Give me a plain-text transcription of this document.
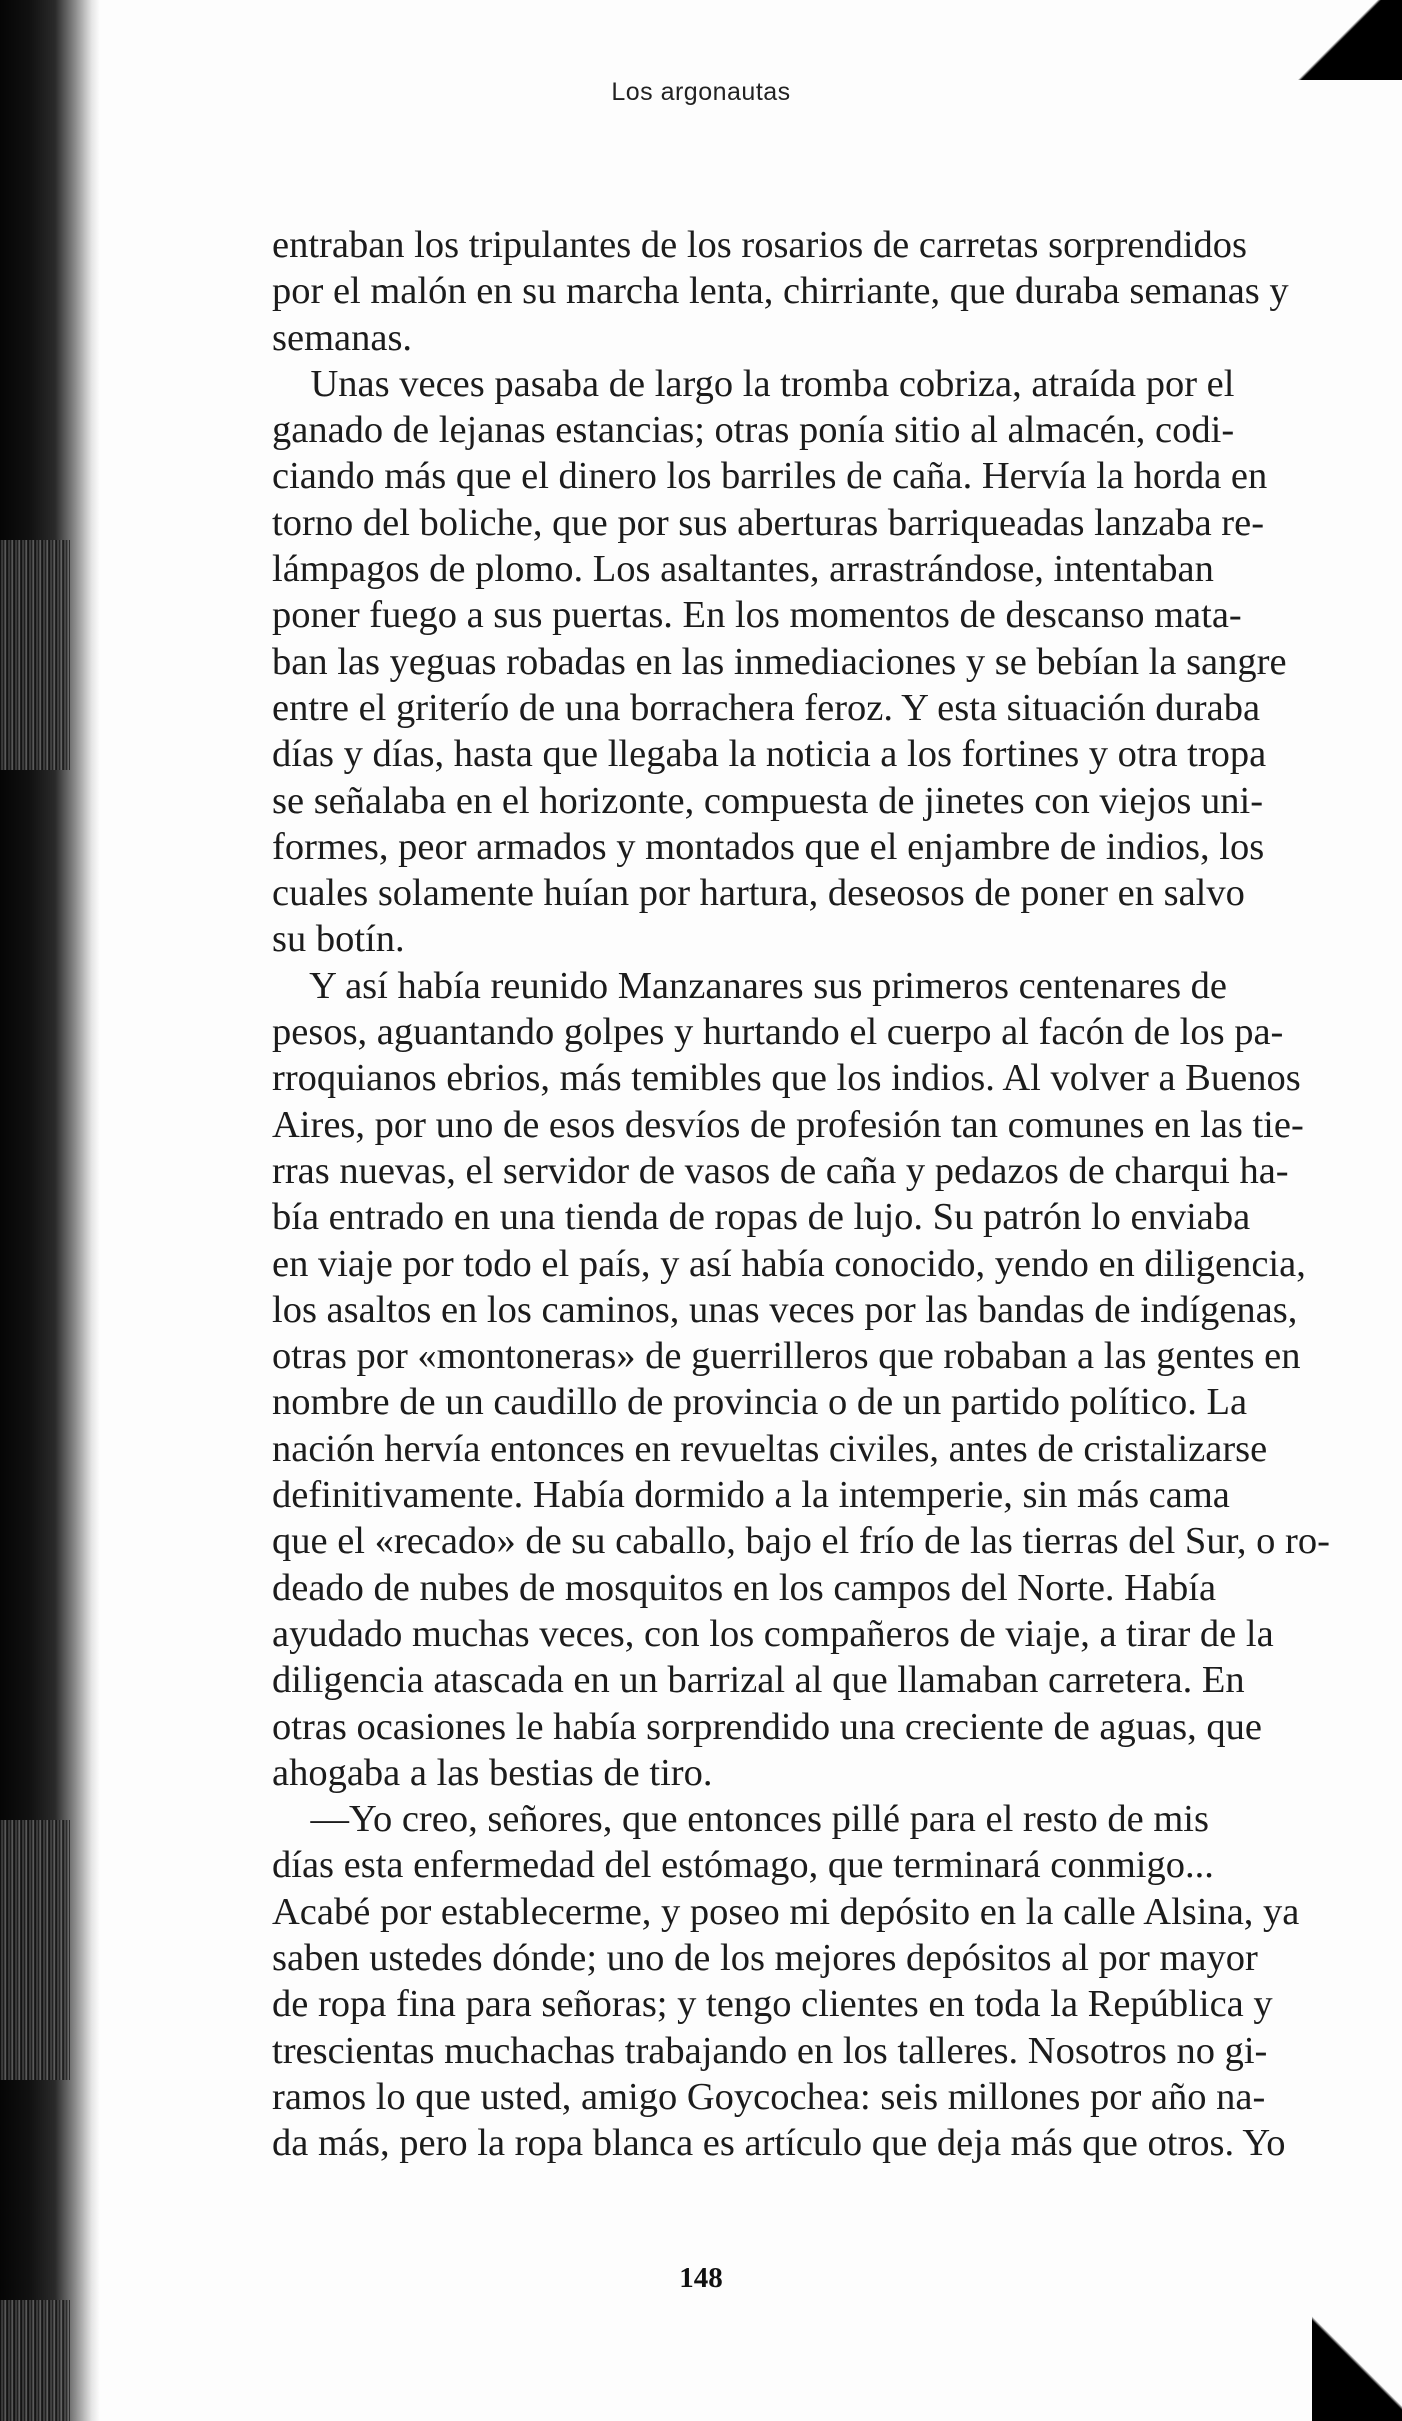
Los argonautas
entraban los tripulantes de los rosarios de carretas sorprendidos
por el malón en su marcha lenta, chirriante, que duraba semanas y
semanas.
Unas veces pasaba de largo la tromba cobriza, atraída por el
ganado de lejanas estancias; otras ponía sitio al almacén, codi-
ciando más que el dinero los barriles de caña. Hervía la horda en
torno del boliche, que por sus aberturas barriqueadas lanzaba re-
lámpagos de plomo. Los asaltantes, arrastrándose, intentaban
poner fuego a sus puertas. En los momentos de descanso mata-
ban las yeguas robadas en las inmediaciones y se bebían la sangre
entre el griterío de una borrachera feroz. Y esta situación duraba
días y días, hasta que llegaba la noticia a los fortines y otra tropa
se señalaba en el horizonte, compuesta de jinetes con viejos uni-
formes, peor armados y montados que el enjambre de indios, los
cuales solamente huían por hartura, deseosos de poner en salvo
su botín.
Y así había reunido Manzanares sus primeros centenares de
pesos, aguantando golpes y hurtando el cuerpo al facón de los pa-
rroquianos ebrios, más temibles que los indios. Al volver a Buenos
Aires, por uno de esos desvíos de profesión tan comunes en las tie-
rras nuevas, el servidor de vasos de caña y pedazos de charqui ha-
bía entrado en una tienda de ropas de lujo. Su patrón lo enviaba
en viaje por todo el país, y así había conocido, yendo en diligencia,
los asaltos en los caminos, unas veces por las bandas de indígenas,
otras por «montoneras» de guerrilleros que robaban a las gentes en
nombre de un caudillo de provincia o de un partido político. La
nación hervía entonces en revueltas civiles, antes de cristalizarse
definitivamente. Había dormido a la intemperie, sin más cama
que el «recado» de su caballo, bajo el frío de las tierras del Sur, o ro-
deado de nubes de mosquitos en los campos del Norte. Había
ayudado muchas veces, con los compañeros de viaje, a tirar de la
diligencia atascada en un barrizal al que llamaban carretera. En
otras ocasiones le había sorprendido una creciente de aguas, que
ahogaba a las bestias de tiro.
—Yo creo, señores, que entonces pillé para el resto de mis
días esta enfermedad del estómago, que terminará conmigo...
Acabé por establecerme, y poseo mi depósito en la calle Alsina, ya
saben ustedes dónde; uno de los mejores depósitos al por mayor
de ropa fina para señoras; y tengo clientes en toda la República y
trescientas muchachas trabajando en los talleres. Nosotros no gi-
ramos lo que usted, amigo Goycochea: seis millones por año na-
da más, pero la ropa blanca es artículo que deja más que otros. Yo
148
